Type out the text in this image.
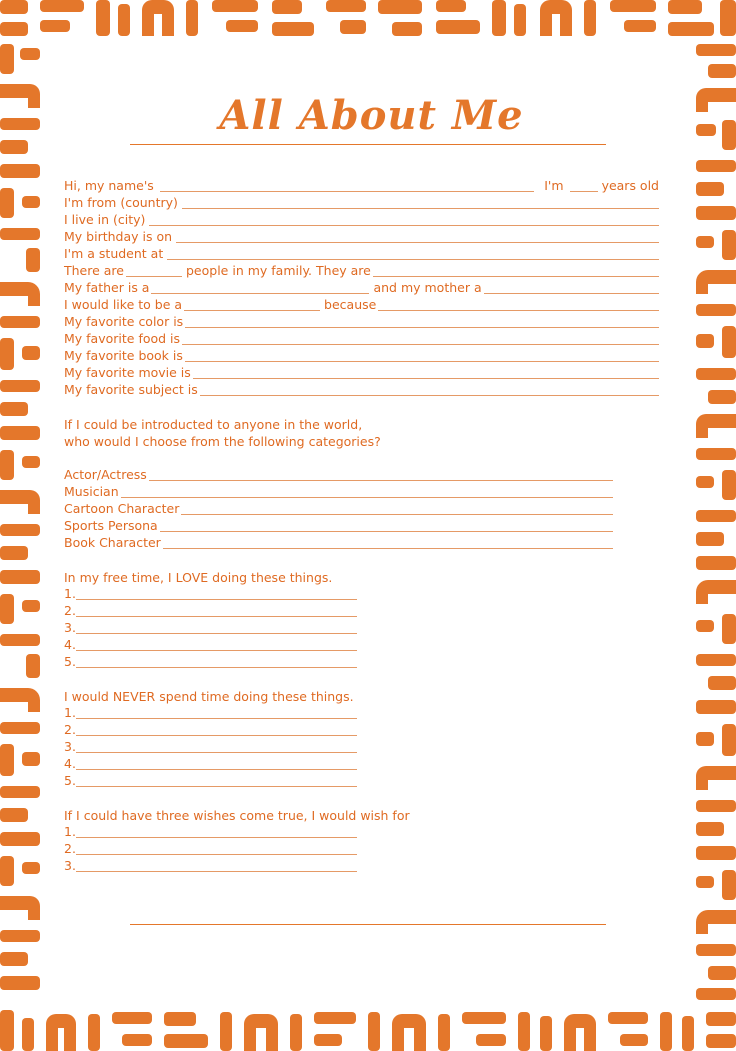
All About Me
Hi, my name's	I'm	years old
I'm from (country)
I live in (city)
My birthday is on
I'm a student at
There are	people in my family. They are
My father is a	and my mother a
I would like to be a	because
My favorite color is
My favorite food is
My favorite book is
My favorite movie is
My favorite subject is
If I could be introducted to anyone in the world,
who would I choose from the following categories?
Actor/Actress
Musician
Cartoon Character
Sports Persona
Book Character
In my free time, I LOVE doing these things.
1.
2.
3.
4.
5.
I would NEVER spend time doing these things.
1.
2.
3.
4.
5.
If I could have three wishes come true, I would wish for
1.
2.
3.
